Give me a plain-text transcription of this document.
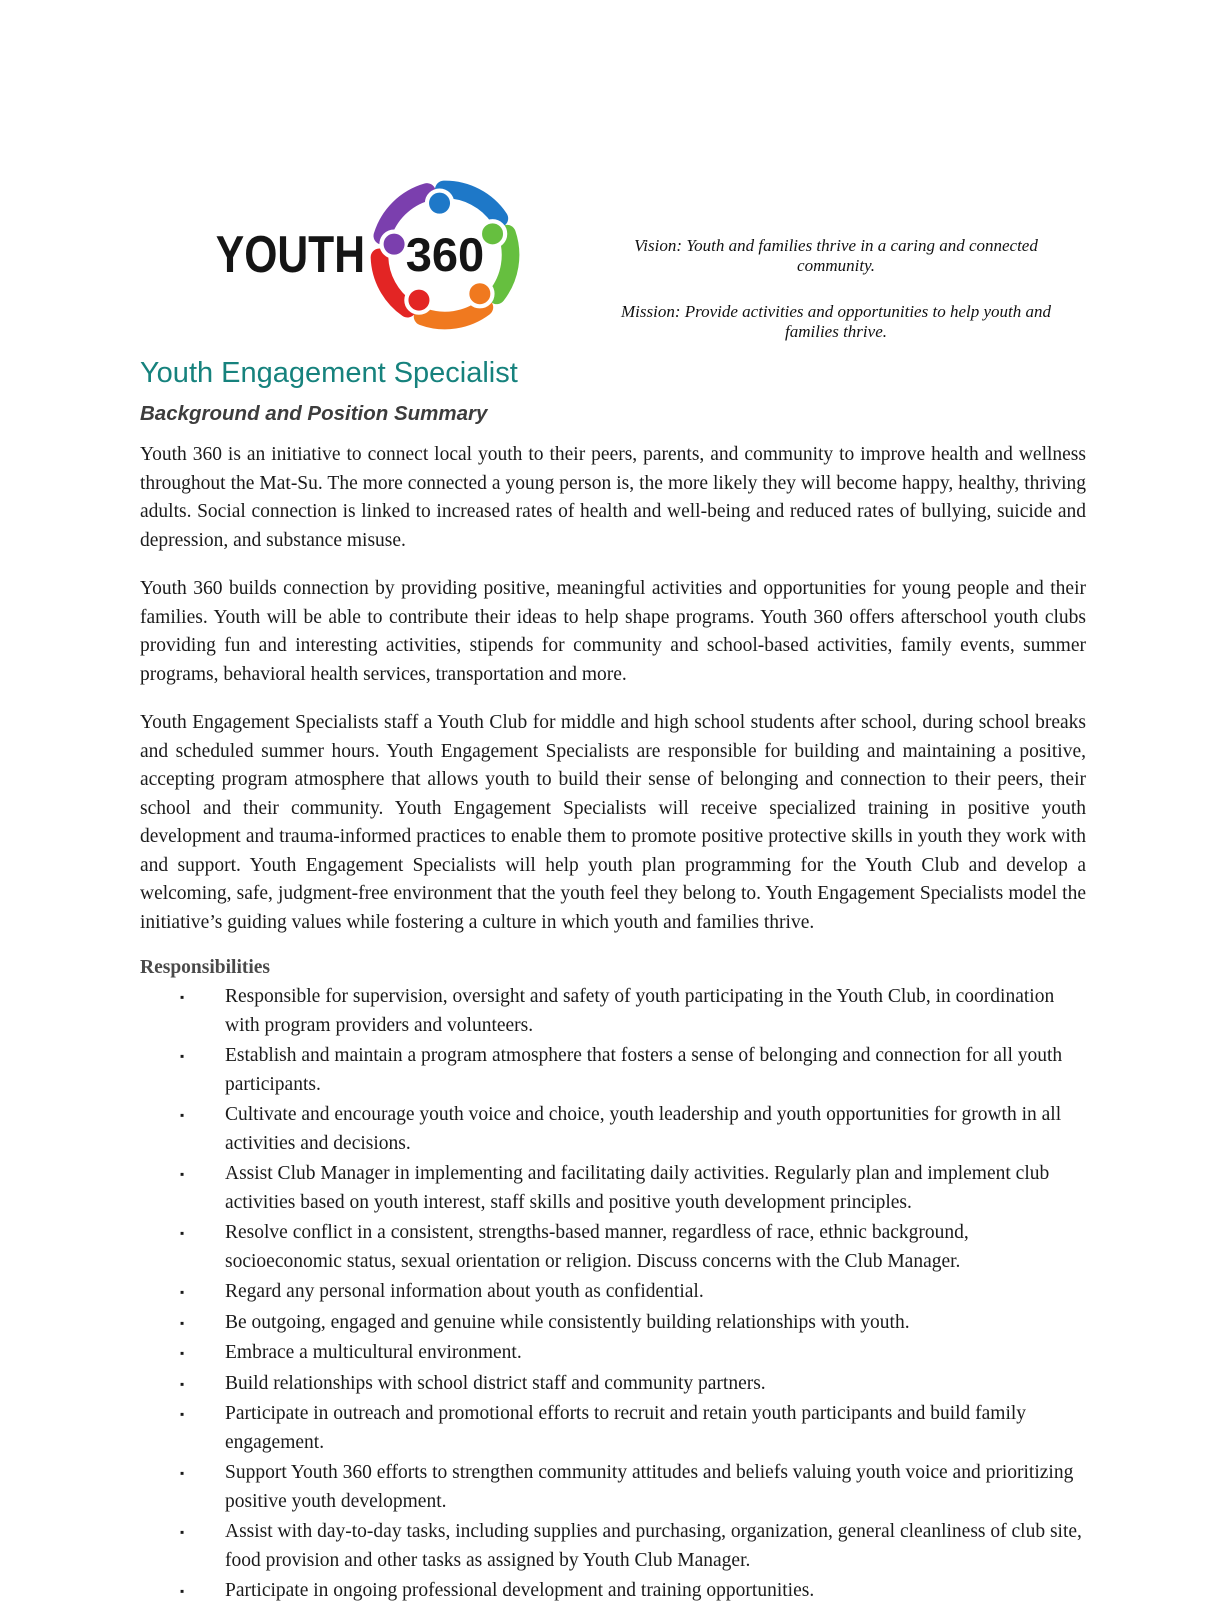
YOUTH 360	Vision: Youth and families thrive in a caring and connected community.
Mission: Provide activities and opportunities to help youth and families thrive.
Youth Engagement Specialist
Background and Position Summary

Youth 360 is an initiative to connect local youth to their peers, parents, and community to improve health and wellness throughout the Mat-Su. The more connected a young person is, the more likely they will become happy, healthy, thriving adults. Social connection is linked to increased rates of health and well-being and reduced rates of bullying, suicide and depression, and substance misuse.

Youth 360 builds connection by providing positive, meaningful activities and opportunities for young people and their families. Youth will be able to contribute their ideas to help shape programs. Youth 360 offers afterschool youth clubs providing fun and interesting activities, stipends for community and school-based activities, family events, summer programs, behavioral health services, transportation and more.

Youth Engagement Specialists staff a Youth Club for middle and high school students after school, during school breaks and scheduled summer hours. Youth Engagement Specialists are responsible for building and maintaining a positive, accepting program atmosphere that allows youth to build their sense of belonging and connection to their peers, their school and their community. Youth Engagement Specialists will receive specialized training in positive youth development and trauma-informed practices to enable them to promote positive protective skills in youth they work with and support. Youth Engagement Specialists will help youth plan programming for the Youth Club and develop a welcoming, safe, judgment-free environment that the youth feel they belong to. Youth Engagement Specialists model the initiative’s guiding values while fostering a culture in which youth and families thrive.

Responsibilities
▪	Responsible for supervision, oversight and safety of youth participating in the Youth Club, in coordination with program providers and volunteers.
▪	Establish and maintain a program atmosphere that fosters a sense of belonging and connection for all youth participants.
▪	Cultivate and encourage youth voice and choice, youth leadership and youth opportunities for growth in all activities and decisions.
▪	Assist Club Manager in implementing and facilitating daily activities. Regularly plan and implement club activities based on youth interest, staff skills and positive youth development principles.
▪	Resolve conflict in a consistent, strengths-based manner, regardless of race, ethnic background, socioeconomic status, sexual orientation or religion. Discuss concerns with the Club Manager.
▪	Regard any personal information about youth as confidential.
▪	Be outgoing, engaged and genuine while consistently building relationships with youth.
▪	Embrace a multicultural environment.
▪	Build relationships with school district staff and community partners.
▪	Participate in outreach and promotional efforts to recruit and retain youth participants and build family engagement.
▪	Support Youth 360 efforts to strengthen community attitudes and beliefs valuing youth voice and prioritizing positive youth development.
▪	Assist with day-to-day tasks, including supplies and purchasing, organization, general cleanliness of club site, food provision and other tasks as assigned by Youth Club Manager.
▪	Participate in ongoing professional development and training opportunities.
